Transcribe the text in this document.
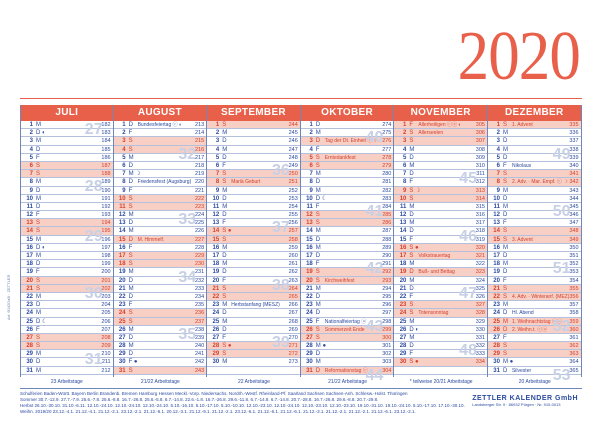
2020
Art. 6042DaB · ZETTLER
JULI
1 M	182
2 D ◐	183
3 M	184
4 D	185
5 F	186
6 S	187
7 S	188
8 M	189
9 D	190
10 M	191
11 D	192
12 F	193
13 S	194
14 S	195
15 M	196
16 D ◐	197
17 M	198
18 D	199
19 F	200
20 S	201
21 S	202
22 M	203
23 D	204
24 M	205
25 D ☾	206
26 F	207
27 S	208
28 S	209
29 M	210
30 D	211
31 M	212
27
28
29
30
31
AUGUST
1 D Bundesfeiertag ⓒ ◐ 213
2 F	214
3 S	215
4 S	216
5 M	217
6 D	218
7 M ☽	219
8 D Friedensfest (Augsburg) 220
9 F	221
10 S	222
11 S	223
12 M	224
13 D	225
14 M	226
15 D M. Himmelf.	227
16 F	228
17 S	229
18 S	230
19 M	231
20 D	232
21 M	233
22 D	234
23 F	235
24 S	236
25 S	237
26 M	238
27 D	239
28 M	240
29 D	241
30 F ●	242
31 S	243
32
33
34
35
SEPTEMBER
1 S	244
2 M	245
3 D	246
4 M	247
5 D	248
6 F	249
7 S	250
8 S Mariä Geburt	251
9 M	252
10 D	253
11 M	254
12 D	255
13 F	256
14 S ●	257
15 S	258
16 M	259
17 D	260
18 M	261
19 D	262
20 F	263
21 S	264
22 S	265
23 M Herbstanfang (MESZ) 266
24 D	267
25 M	268
26 D	269
27 F	270
28 S ●	271
29 S	272
30 M	273
36
37
38
39
OKTOBER
1 D	274
2 M	275
3 D Tag der Dt. Einheit ⓒ ☾ 276
4 F	277
5 S Erntedankfest	278
6 S	279
7 M	280
8 D	281
9 M	282
10 D ☾	283
11 F	284
12 S	285
13 S	286
14 M	287
15 D	288
16 M	289
17 D	290
18 F	291
19 S	292
20 S Kirchweihfest	293
21 M	294
22 D	295
23 M	296
24 D	297
25 F	Nationalfeiertag ⓐ	298
26 S Sommerzeit Ende	299
27 S	300
28 M ●	301
29 D	302
30 M	303
31 D Reformationstag ⓒ	304
40
41
42
43
44
NOVEMBER
1 F	Allerheiligen ⓒⓐ ◐	305
2 S Allerseelen	306
3 S	307
4 M	308
5 D	309
6 M	310
7 D	311
8 F	312
9 S ☽	313
10 S	314
11 M	315
12 D	316
13 M	317
14 D	318
15 F	319
16 S ●	320
17 S Volkstrauertag	321
18 M	322
19 D Buß- und Bettag	323
20 M	324
21 D	325
22 F	326
23 S	327
24 S Totensonntag	328
25 M	329
26 D ◐	330
27 M	331
28 D	332
29 F	333
30 S ●	334
45
46
47
48
DEZEMBER
1 S 1. Advent	335
2 M	336
3 D	337
4 M	338
5 D	339
6 F	Nikolaus	340
7 S	341
8 S 2. Adv. · Mar. Empf. ⓒ ☽ 342
9 M	343
10 D	344
11 M	345
12 D	346
13 F	347
14 S	348
15 S 3. Advent	349
16 M	350
17 D	351
18 M	352
19 D	353
20 F	354
21 S	355
22 S 4. Adv. · Winteranf. (MEZ) 356
23 M	357
24 D Hl. Abend	358
25 M 1. Weihnachtstag ⓒⓐ 359
26 D 2. Weihn.t. ⓒⓐ	360
27 F	361
28 S	362
29 S	363
30 M ●	364
31 D Silvester	365
49
50
51
52
53
23 Arbeitstage	21/22 Arbeitstage	22 Arbeitstage	21/22 Arbeitstage	* teilweise 20/21 Arbeitstage	20 Arbeitstage
Schulferien Baden-Württ. Bayern Berlin Brandenb. Bremen Hamburg Hessen Meckl.-Vorp. Niedersachs. Nordrh.-Westf. Rheinland-Pf. Saarland Sachsen Sachsen-Anh. Schlesw.-Holst. Thüringen
Sommer 30.7.-12.9. 27.7.-7.9. 25.6.-7.8. 25.6.-8.8. 16.7.-26.8. 25.6.-5.8. 6.7.-14.8. 22.6.-1.8. 16.7.-26.8. 29.6.-11.8. 6.7.-14.8. 6.7.-14.8. 20.7.-28.8. 16.7.-26.8. 29.6.-8.8. 20.7.-29.8.
Herbst 26.10.-30.10. 31.10.-6.11. 12.10.-24.10. 12.10.-24.10. 12.10.-24.10. 5.10.-16.10. 5.10.-17.10. 5.10.-10.10. 12.10.-23.10. 12.10.-24.10. 12.10.-23.10. 12.10.-23.10. 19.10.-31.10. 19.10.-24.10. 5.10.-17.10. 17.10.-30.10.
Weihn. 2019/20 23.12.-4.1. 21.12.-4.1. 21.12.-2.1. 23.12.-2.1. 21.12.-6.1. 20.12.-3.1. 21.12.-9.1. 21.12.-2.1. 23.12.-6.1. 21.12.-6.1. 21.12.-6.1. 21.12.-3.1. 21.12.-2.1. 21.12.-2.1. 21.12.-6.1. 23.12.-2.1.
ZETTLER KALENDER GmbH
Landsberger Str. 9 · 86932 Pürgen · Nr. 910-0013
